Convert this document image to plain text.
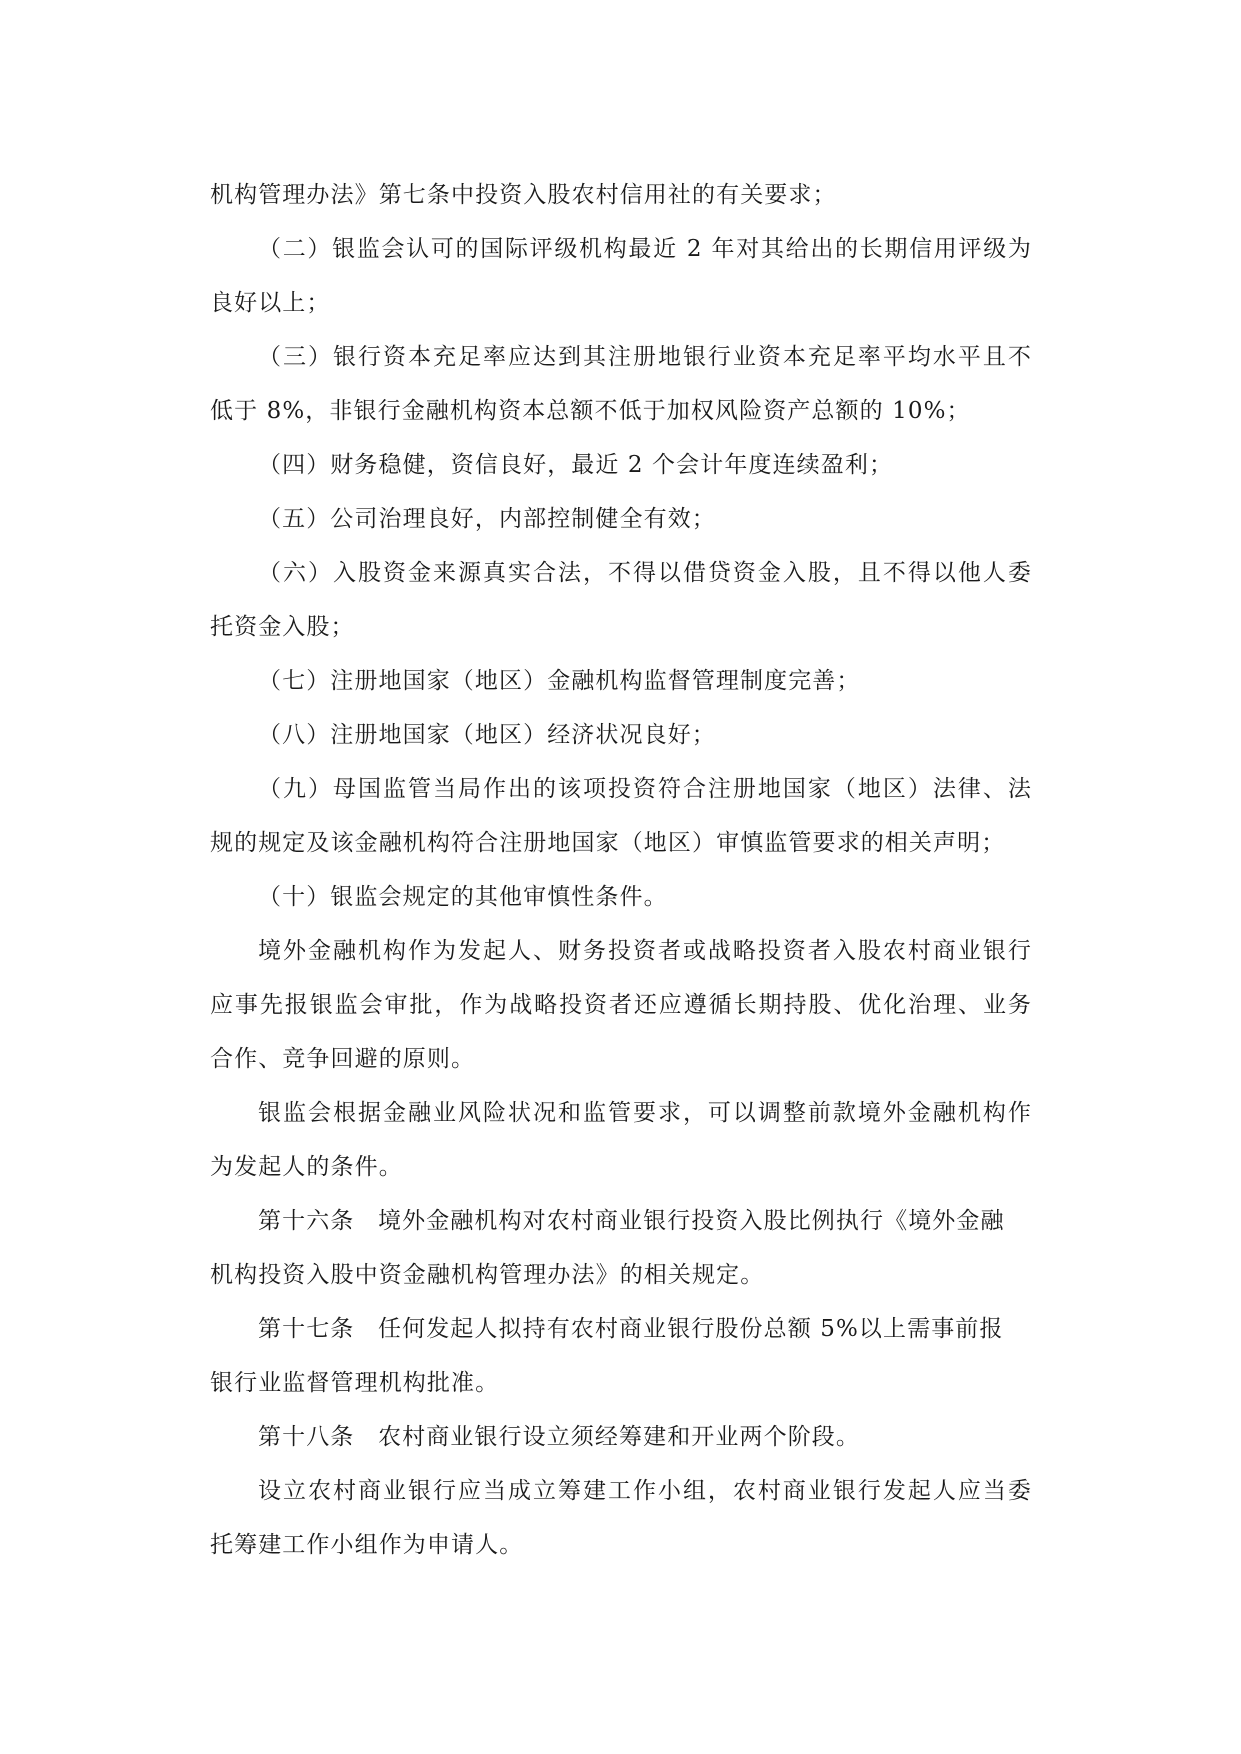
机构管理办法》第七条中投资入股农村信用社的有关要求；
（二）银监会认可的国际评级机构最近 2 年对其给出的长期信用评级为
良好以上；
（三）银行资本充足率应达到其注册地银行业资本充足率平均水平且不
低于 8%，非银行金融机构资本总额不低于加权风险资产总额的 10%；
（四）财务稳健，资信良好，最近 2 个会计年度连续盈利；
（五）公司治理良好，内部控制健全有效；
（六）入股资金来源真实合法，不得以借贷资金入股，且不得以他人委
托资金入股；
（七）注册地国家（地区）金融机构监督管理制度完善；
（八）注册地国家（地区）经济状况良好；
（九）母国监管当局作出的该项投资符合注册地国家（地区）法律、法
规的规定及该金融机构符合注册地国家（地区）审慎监管要求的相关声明；
（十）银监会规定的其他审慎性条件。
境外金融机构作为发起人、财务投资者或战略投资者入股农村商业银行
应事先报银监会审批，作为战略投资者还应遵循长期持股、优化治理、业务
合作、竞争回避的原则。
银监会根据金融业风险状况和监管要求，可以调整前款境外金融机构作
为发起人的条件。
第十六条 境外金融机构对农村商业银行投资入股比例执行《境外金融
机构投资入股中资金融机构管理办法》的相关规定。
第十七条 任何发起人拟持有农村商业银行股份总额 5%以上需事前报
银行业监督管理机构批准。
第十八条 农村商业银行设立须经筹建和开业两个阶段。
设立农村商业银行应当成立筹建工作小组，农村商业银行发起人应当委
托筹建工作小组作为申请人。
